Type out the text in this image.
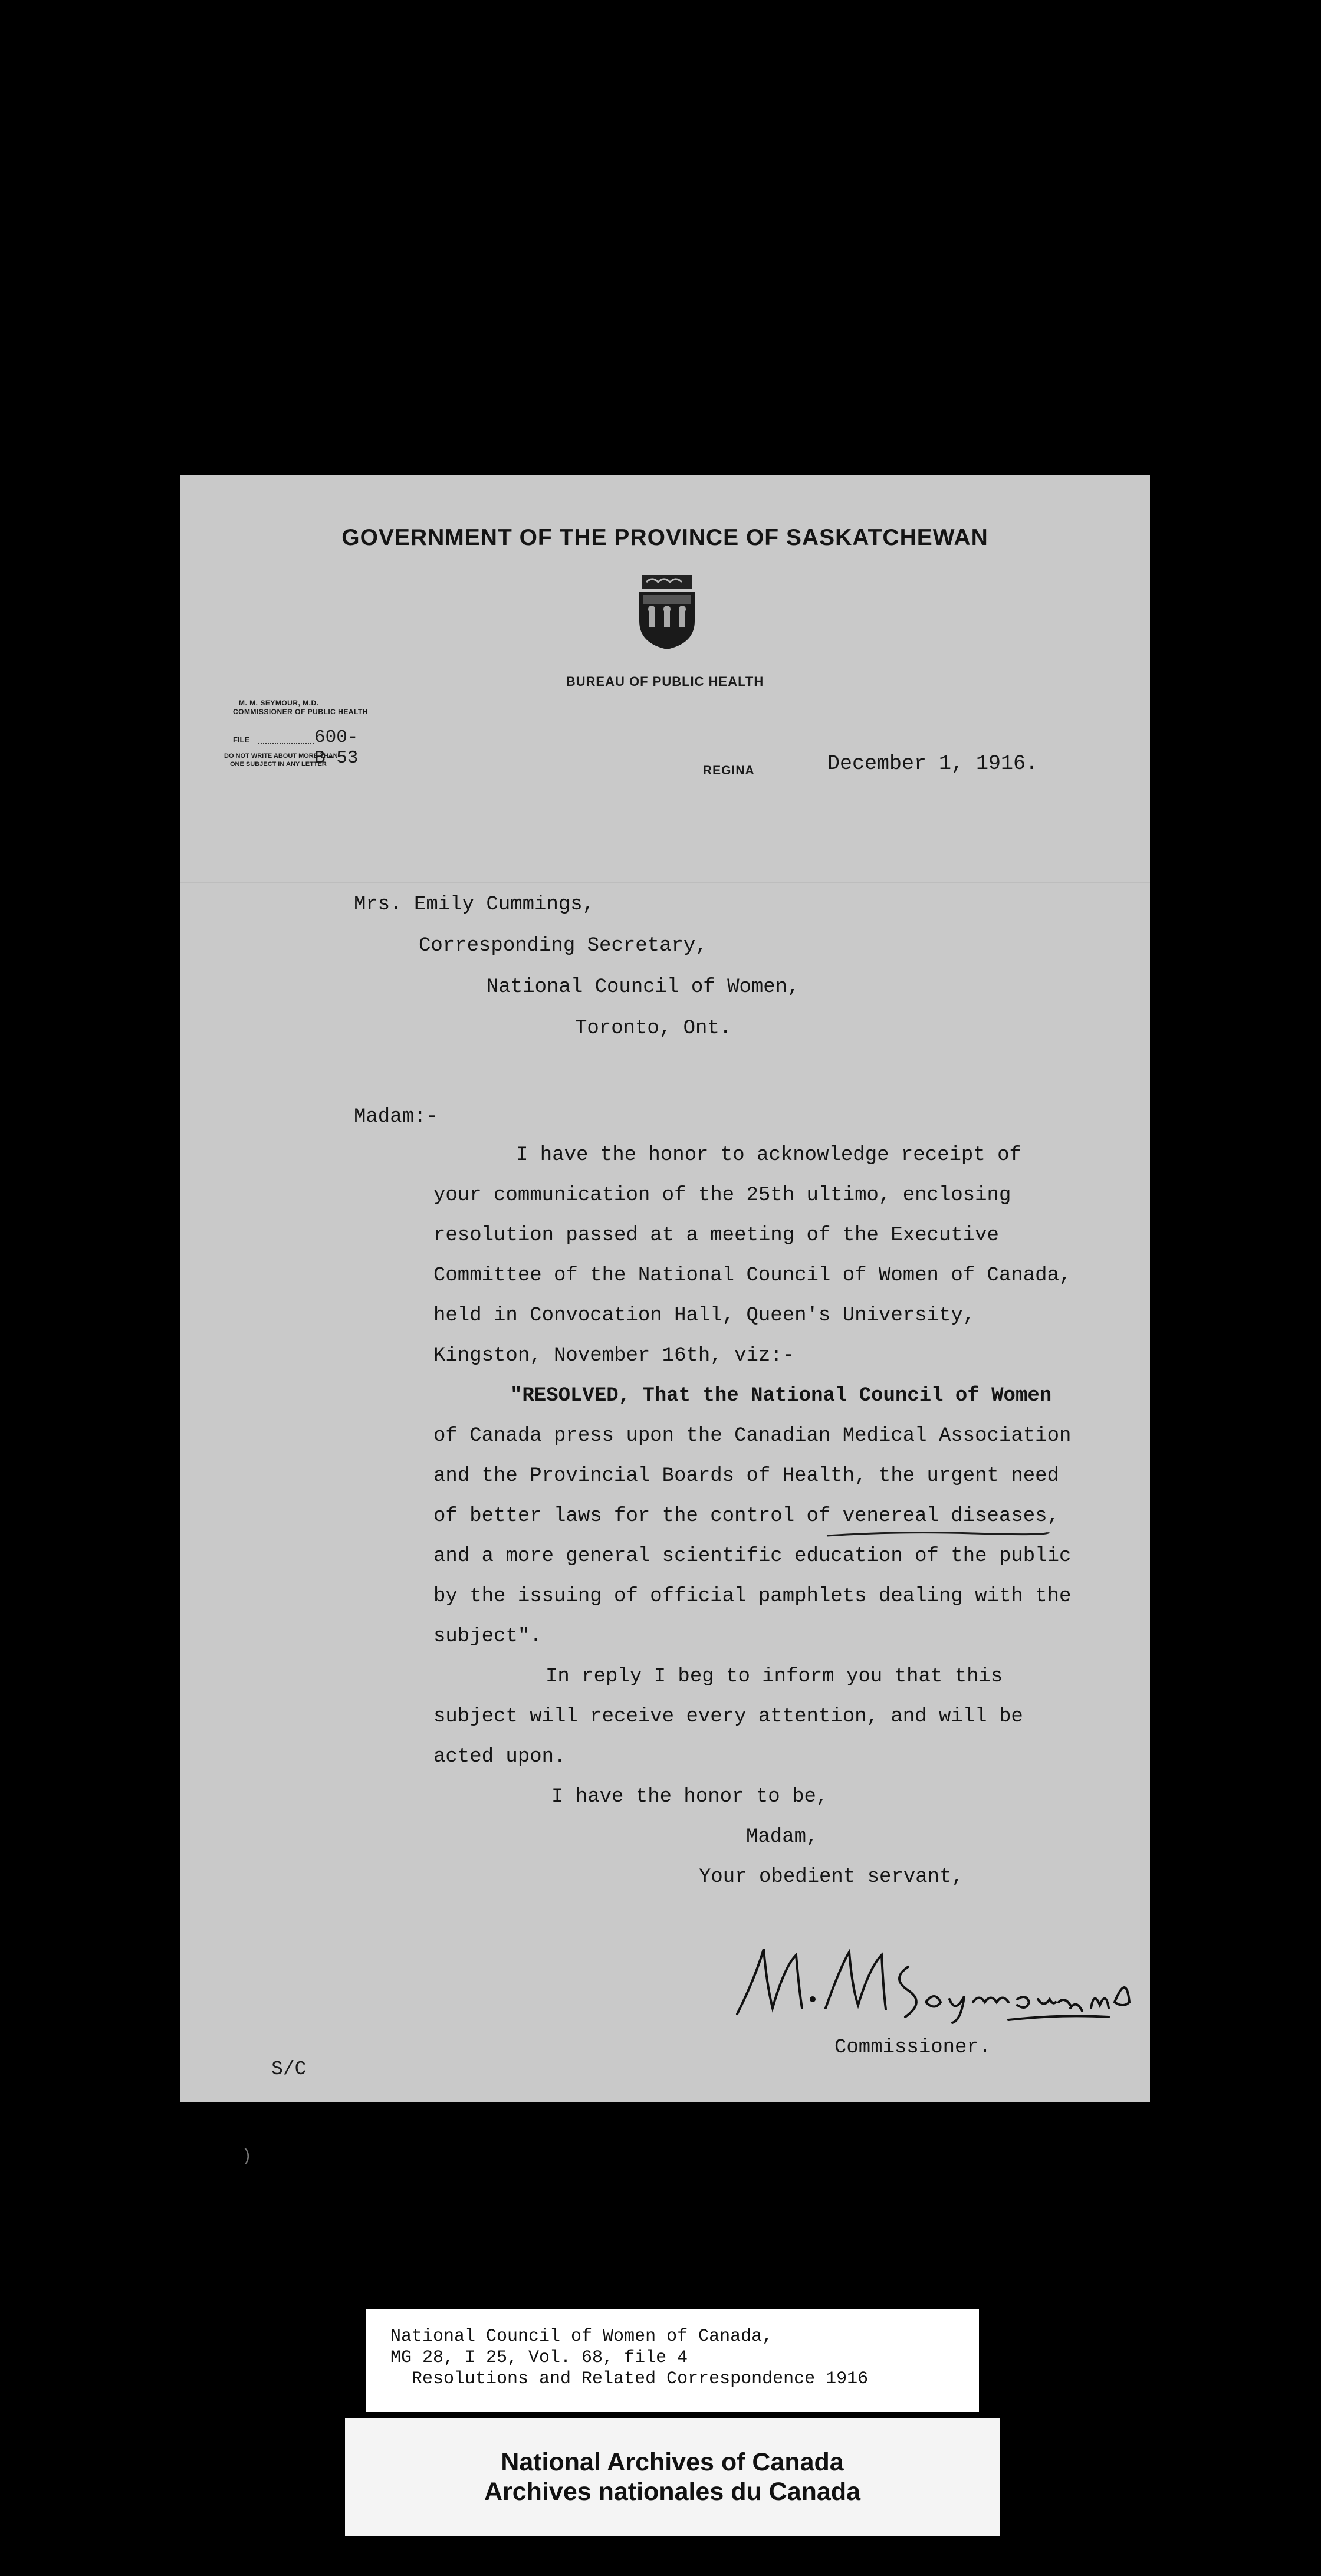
GOVERNMENT OF THE PROVINCE OF SASKATCHEWAN
BUREAU OF PUBLIC HEALTH
M. M. SEYMOUR, M.D.
COMMISSIONER OF PUBLIC HEALTH
FILE	600-B-53
DO NOT WRITE ABOUT MORE THAN
ONE SUBJECT IN ANY LETTER	REGINA	December 1, 1916.
Mrs. Emily Cummings,
Corresponding Secretary,
National Council of Women,
Toronto, Ont.
Madam:-
I have the honor to acknowledge receipt of
your communication of the 25th ultimo, enclosing
resolution passed at a meeting of the Executive
Committee of the National Council of Women of Canada,
held in Convocation Hall, Queen's University,
Kingston, November 16th, viz:-
"RESOLVED, That the National Council of Women
of Canada press upon the Canadian Medical Association
and the Provincial Boards of Health, the urgent need
of better laws for the control of venereal diseases,
and a more general scientific education of the public
by the issuing of official pamphlets dealing with the
subject".
In reply I beg to inform you that this
subject will receive every attention, and will be
acted upon.
I have the honor to be,
Madam,
Your obedient servant,
Commissioner.
S/C
)
National Council of Women of Canada,
MG 28, I 25, Vol. 68, file 4
Resolutions and Related Correspondence 1916
National Archives of Canada
Archives nationales du Canada
